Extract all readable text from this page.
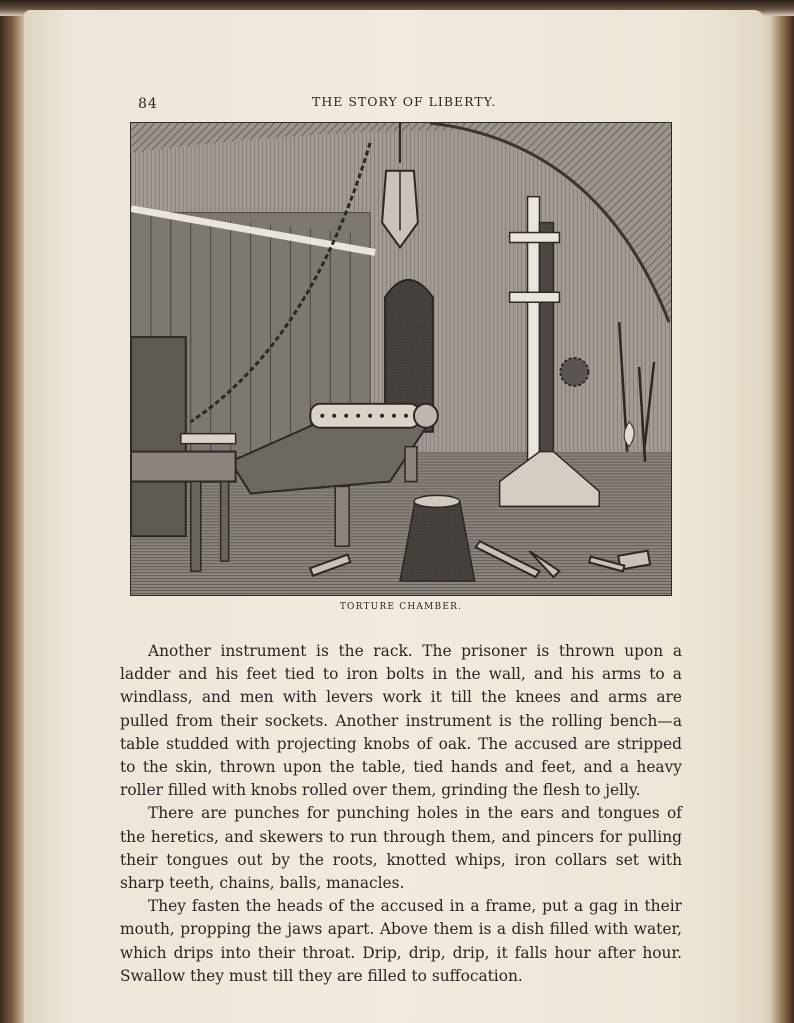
84	THE STORY OF LIBERTY.
TORTURE CHAMBER.

Another instrument is the rack. The prisoner is thrown upon a ladder and his feet tied to iron bolts in the wall, and his arms to a windlass, and men with levers work it till the knees and arms are pulled from their sockets. Another instrument is the rolling bench—a table studded with projecting knobs of oak. The accused are stripped to the skin, thrown upon the table, tied hands and feet, and a heavy roller filled with knobs rolled over them, grinding the flesh to jelly.

There are punches for punching holes in the ears and tongues of the heretics, and skewers to run through them, and pincers for pulling their tongues out by the roots, knotted whips, iron collars set with sharp teeth, chains, balls, manacles.

They fasten the heads of the accused in a frame, put a gag in their mouth, propping the jaws apart. Above them is a dish filled with water, which drips into their throat. Drip, drip, drip, it falls hour after hour. Swallow they must till they are filled to suffocation.
